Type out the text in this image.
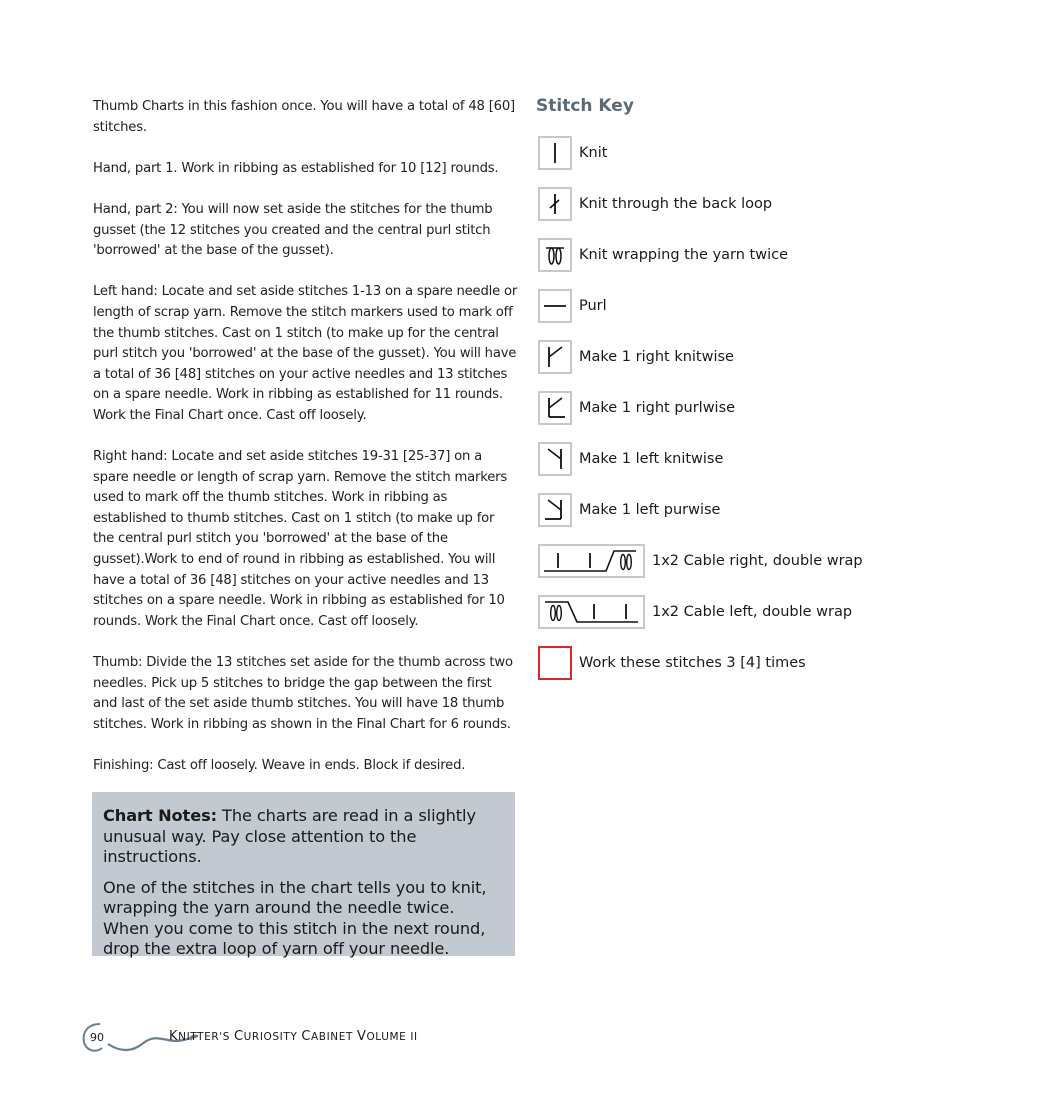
Thumb Charts in this fashion once. You will have a total of 48 [60] stitches.

Hand, part 1. Work in ribbing as established for 10 [12] rounds.

Hand, part 2: You will now set aside the stitches for the thumb gusset (the 12 stitches you created and the central purl stitch 'borrowed' at the base of the gusset).

Left hand: Locate and set aside stitches 1-13 on a spare needle or length of scrap yarn. Remove the stitch markers used to mark off the thumb stitches. Cast on 1 stitch (to make up for the central purl stitch you 'borrowed' at the base of the gusset). You will have a total of 36 [48] stitches on your active needles and 13 stitches on a spare needle. Work in ribbing as established for 11 rounds. Work the Final Chart once. Cast off loosely.

Right hand: Locate and set aside stitches 19-31 [25-37] on a spare needle or length of scrap yarn. Remove the stitch markers used to mark off the thumb stitches. Work in ribbing as established to thumb stitches. Cast on 1 stitch (to make up for the central purl stitch you 'borrowed' at the base of the gusset).Work to end of round in ribbing as established. You will have a total of 36 [48] stitches on your active needles and 13 stitches on a spare needle. Work in ribbing as established for 10 rounds. Work the Final Chart once. Cast off loosely.

Thumb: Divide the 13 stitches set aside for the thumb across two needles. Pick up 5 stitches to bridge the gap between the first and last of the set aside thumb stitches. You will have 18 thumb stitches. Work in ribbing as shown in the Final Chart for 6 rounds.

Finishing: Cast off loosely. Weave in ends. Block if desired.

Chart Notes: The charts are read in a slightly unusual way. Pay close attention to the instructions.

One of the stitches in the chart tells you to knit, wrapping the yarn around the needle twice. When you come to this stitch in the next round, drop the extra loop of yarn off your needle.

Stitch Key
Knit
Knit through the back loop
Knit wrapping the yarn twice
Purl
Make 1 right knitwise
Make 1 right purlwise
Make 1 left knitwise
Make 1 left purwise
1x2 Cable right, double wrap
1x2 Cable left, double wrap
Work these stitches 3 [4] times
90	KNITTER'S CURIOSITY CABINET VOLUME II
